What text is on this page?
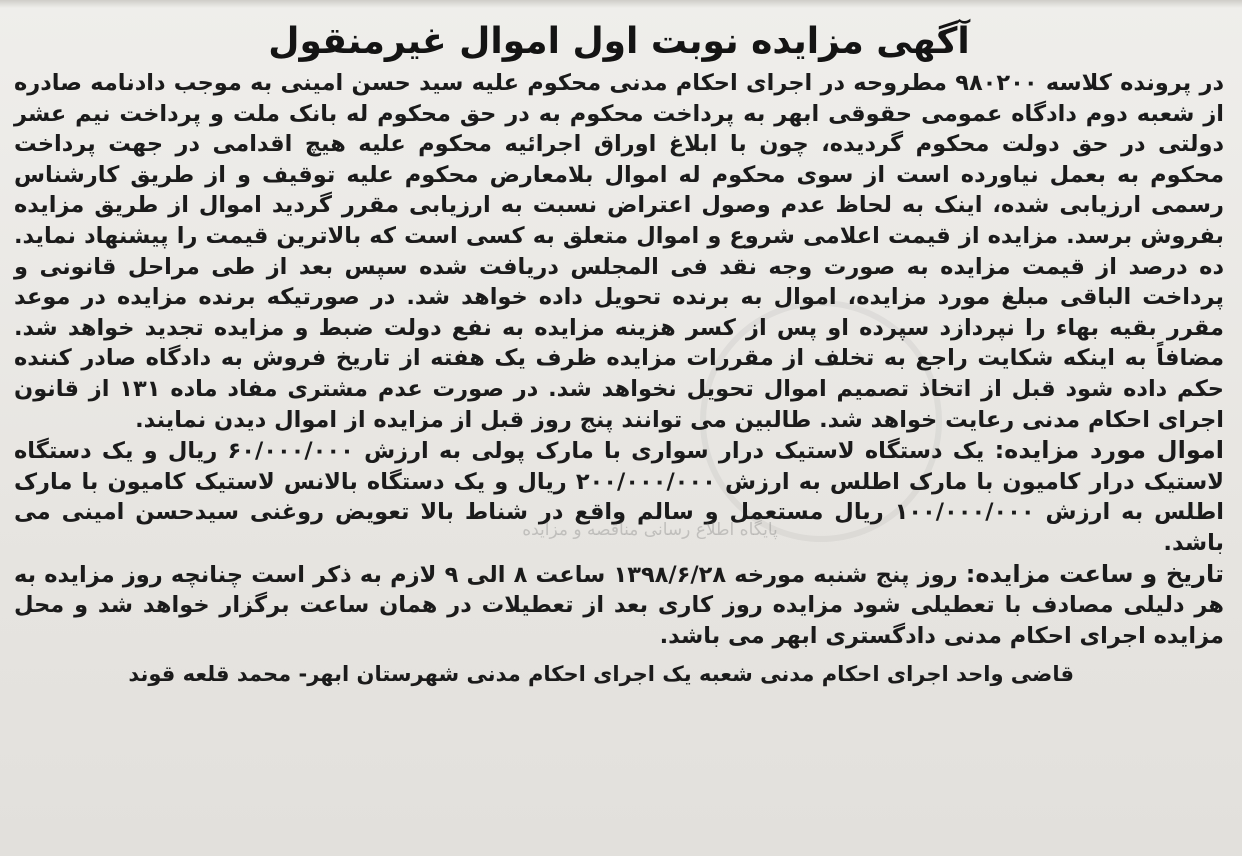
آگهی مزایده نوبت اول اموال غیرمنقول

در پرونده کلاسه ۹۸۰۲۰۰ مطروحه در اجرای احکام مدنی محکوم علیه سید حسن امینی به موجب دادنامه صادره از شعبه دوم دادگاه عمومی حقوقی ابهر به پرداخت محکوم به در حق محکوم له بانک ملت و پرداخت نیم عشر دولتی در حق دولت محکوم گردیده، چون با ابلاغ اوراق اجرائیه محکوم علیه هیچ اقدامی در جهت پرداخت محکوم به بعمل نیاورده است از سوی محکوم له اموال بلامعارض محکوم علیه توقیف و از طریق کارشناس رسمی ارزیابی شده، اینک به لحاظ عدم وصول اعتراض نسبت به ارزیابی مقرر گردید اموال از طریق مزایده بفروش برسد. مزایده از قیمت اعلامی شروع و اموال متعلق به کسی است که بالاترین قیمت را پیشنهاد نماید. ده درصد از قیمت مزایده به صورت وجه نقد فی المجلس دریافت شده سپس بعد از طی مراحل قانونی و پرداخت الباقی مبلغ مورد مزایده، اموال به برنده تحویل داده خواهد شد. در صورتیکه برنده مزایده در موعد مقرر بقیه بهاء را نپردازد سپرده او پس از کسر هزینه مزایده به نفع دولت ضبط و مزایده تجدید خواهد شد. مضافاً به اینکه شکایت راجع به تخلف از مقررات مزایده ظرف یک هفته از تاریخ فروش به دادگاه صادر کننده حکم داده شود قبل از اتخاذ تصمیم اموال تحویل نخواهد شد. در صورت عدم مشتری مفاد ماده ۱۳۱ از قانون اجرای احکام مدنی رعایت خواهد شد. طالبین می توانند پنج روز قبل از مزایده از اموال دیدن نمایند.

اموال مورد مزایده: یک دستگاه لاستیک درار سواری با مارک پولی به ارزش ۶۰/۰۰۰/۰۰۰ ریال و یک دستگاه لاستیک درار کامیون با مارک اطلس به ارزش ۲۰۰/۰۰۰/۰۰۰ ریال و یک دستگاه بالانس لاستیک کامیون با مارک اطلس به ارزش ۱۰۰/۰۰۰/۰۰۰ ریال مستعمل و سالم واقع در شناط بالا تعویض روغنی سیدحسن امینی می باشد.

تاریخ و ساعت مزایده: روز پنج شنبه مورخه ۱۳۹۸/۶/۲۸ ساعت ۸ الی ۹ لازم به ذکر است چنانچه روز مزایده به هر دلیلی مصادف با تعطیلی شود مزایده روز کاری بعد از تعطیلات در همان ساعت برگزار خواهد شد و محل مزایده اجرای احکام مدنی دادگستری ابهر می باشد.

قاضی واحد اجرای احکام مدنی شعبه یک اجرای احکام مدنی شهرستان ابهر- محمد قلعه قوند

پایگاه اطلاع رسانی مناقصه و مزایده
